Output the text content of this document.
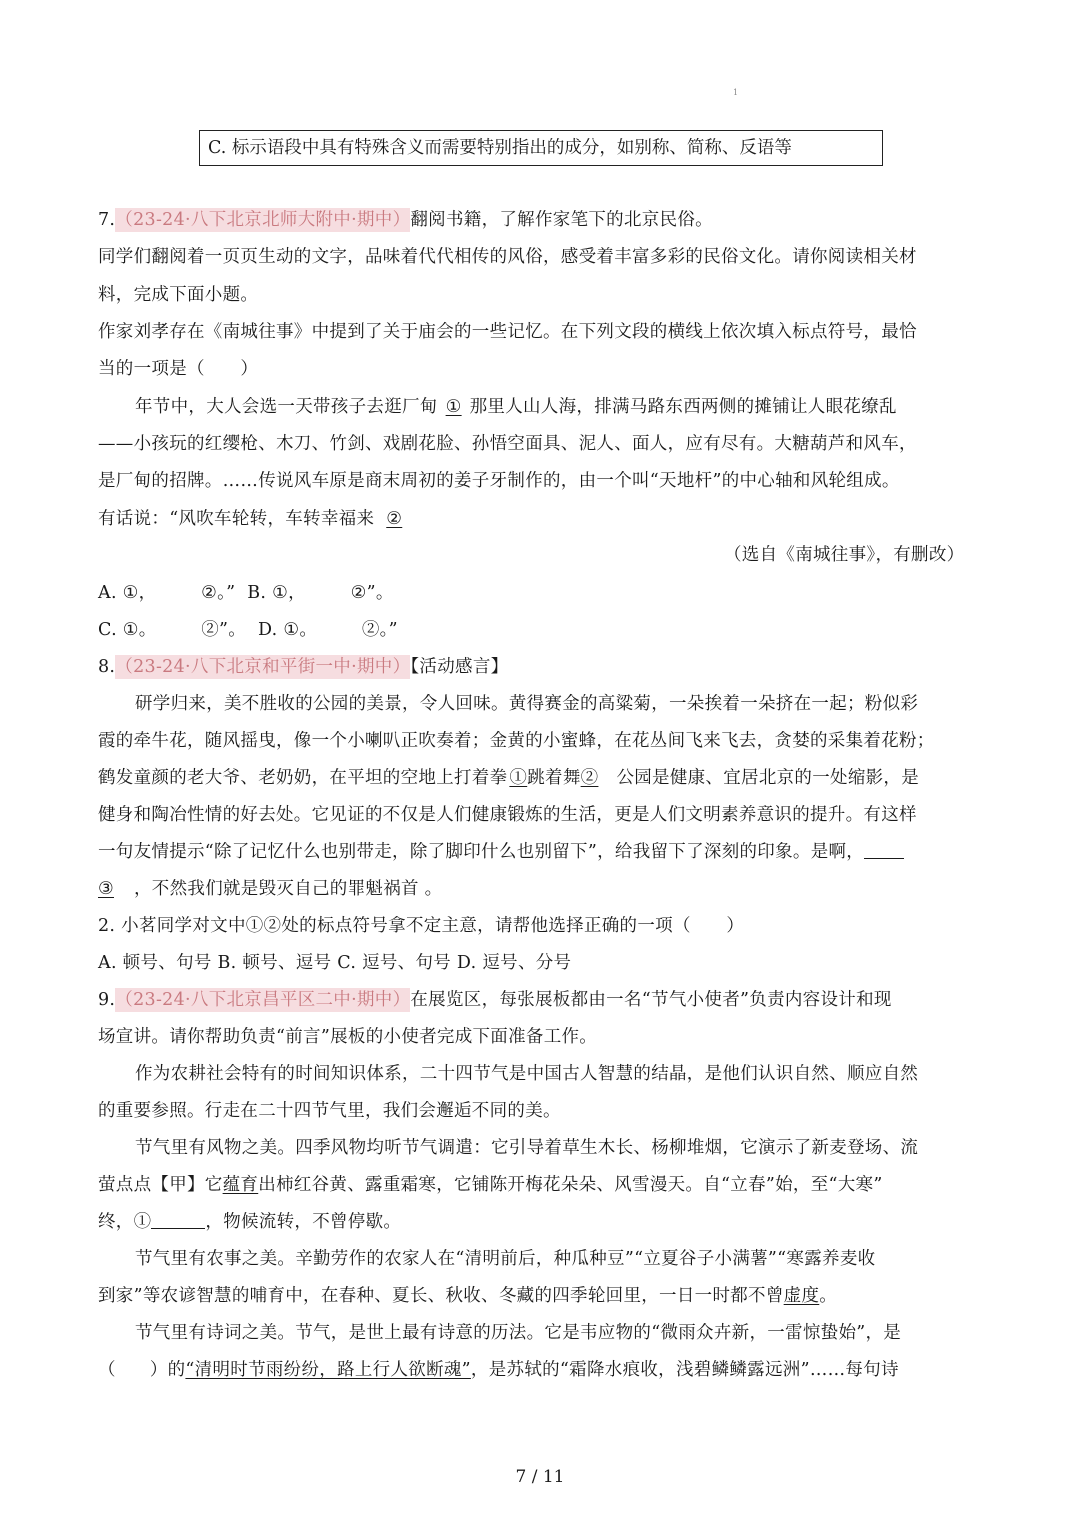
1
C. 标示语段中具有特殊含义而需要特别指出的成分，如别称、简称、反语等
7.（23-24·八下北京北师大附中·期中）翻阅书籍，了解作家笔下的北京民俗。
同学们翻阅着一页页生动的文字，品味着代代相传的风俗，感受着丰富多彩的民俗文化。请你阅读相关材
料，完成下面小题。
作家刘孝存在《南城往事》中提到了关于庙会的一些记忆。在下列文段的横线上依次填入标点符号，最恰
当的一项是（　　）
年节中，大人会选一天带孩子去逛厂甸 ① 那里人山人海，排满马路东西两侧的摊铺让人眼花缭乱
——小孩玩的红缨枪、木刀、竹剑、戏剧花脸、孙悟空面具、泥人、面人，应有尽有。大糖葫芦和风车，
是厂甸的招牌。……传说风车原是商末周初的姜子牙制作的，由一个叫“天地杆”的中心轴和风轮组成。
有话说：“风吹车轮转，车转幸福来 ②
（选自《南城往事》，有删改）
A. ①，　　　②。” B. ①，　　　②”。
C. ①。　　　②”。 D. ①。　　　②。”
8.（23-24·八下北京和平街一中·期中）【活动感言】
研学归来，美不胜收的公园的美景，令人回味。黄得赛金的高粱菊，一朵挨着一朵挤在一起；粉似彩
霞的牵牛花，随风摇曳，像一个小喇叭正吹奏着；金黄的小蜜蜂，在花丛间飞来飞去，贪婪的采集着花粉；
鹤发童颜的老大爷、老奶奶，在平坦的空地上打着拳 ①跳着舞② 公园是健康、宜居北京的一处缩影，是
健身和陶冶性情的好去处。它见证的不仅是人们健康锻炼的生活，更是人们文明素养意识的提升。有这样
一句友情提示“除了记忆什么也别带走，除了脚印什么也别留下”，给我留下了深刻的印象。是啊，
③ ，不然我们就是毁灭自己的罪魁祸首 。
2. 小茗同学对文中①②处的标点符号拿不定主意，请帮他选择正确的一项（　　）
A. 顿号、句号 B. 顿号、逗号 C. 逗号、句号 D. 逗号、分号
9.（23-24·八下北京昌平区二中·期中）在展览区，每张展板都由一名“节气小使者”负责内容设计和现
场宣讲。请你帮助负责“前言”展板的小使者完成下面准备工作。
作为农耕社会特有的时间知识体系，二十四节气是中国古人智慧的结晶，是他们认识自然、顺应自然
的重要参照。行走在二十四节气里，我们会邂逅不同的美。
节气里有风物之美。四季风物均听节气调遣：它引导着草生木长、杨柳堆烟，它演示了新麦登场、流
萤点点【甲】它蕴育出柿红谷黄、露重霜寒，它铺陈开梅花朵朵、风雪漫天。自“立春”始，至“大寒”
终，①	，物候流转，不曾停歇。
节气里有农事之美。辛勤劳作的农家人在“清明前后，种瓜种豆”“立夏谷子小满薯”“寒露养麦收
到家”等农谚智慧的哺育中，在春种、夏长、秋收、冬藏的四季轮回里，一日一时都不曾虚度。
节气里有诗词之美。节气，是世上最有诗意的历法。它是韦应物的“微雨众卉新，一雷惊蛰始”，是
（ ）的“清明时节雨纷纷，路上行人欲断魂”，是苏轼的“霜降水痕收，浅碧鳞鳞露远洲”……每句诗
7 / 11
